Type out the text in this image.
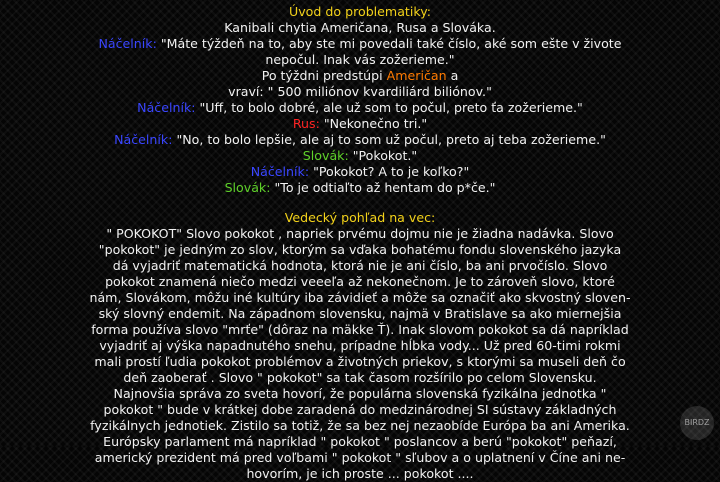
Úvod do problematiky:
Kanibali chytia Američana, Rusa a Slováka.
Náčelník: "Máte týždeň na to, aby ste mi povedali také číslo, aké som ešte v živote
nepočul. Inak vás zožerieme."
Po týždni predstúpi Američan a
vraví: " 500 miliónov kvardiliárd biliónov."
Náčelník: "Uff, to bolo dobré, ale už som to počul, preto ťa zožerieme."
Rus: "Nekonečno tri."
Náčelník: "No, to bolo lepšie, ale aj to som už počul, preto aj teba zožerieme."
Slovák: "Pokokot."
Náčelník: "Pokokot? A to je koľko?"
Slovák: "To je odtiaľto až hentam do p*če."
Vedecký pohľad na vec:
" POKOKOT" Slovo pokokot , napriek prvému dojmu nie je žiadna nadávka. Slovo
"pokokot" je jedným zo slov, ktorým sa vďaka bohatému fondu slovenského jazyka
dá vyjadriť matematická hodnota, ktorá nie je ani číslo, ba ani prvočíslo. Slovo
pokokot znamená niečo medzi veeeľa až nekonečnom. Je to zároveň slovo, ktoré
nám, Slovákom, môžu iné kultúry iba závidieť a môže sa označiť ako skvostný sloven-
ský slovný endemit. Na západnom slovensku, najmä v Bratislave sa ako miernejšia
forma používa slovo "mrťe" (dôraz na mäkke Ť). Inak slovom pokokot sa dá napríklad
vyjadriť aj výška napadnutého snehu, prípadne hĺbka vody... Už pred 60-timi rokmi
mali prostí ľudia pokokot problémov a životných priekov, s ktorými sa museli deň čo
deň zaoberať . Slovo " pokokot" sa tak časom rozšírilo po celom Slovensku.
Najnovšia správa zo sveta hovorí, že populárna slovenská fyzikálna jednotka "
pokokot " bude v krátkej dobe zaradená do medzinárodnej SI sústavy základných
fyzikálnych jednotiek. Zistilo sa totiž, že sa bez nej nezaobíde Európa ba ani Amerika.
Európsky parlament má napríklad " pokokot " poslancov a berú "pokokot" peňazí,
americký prezident má pred voľbami " pokokot " sľubov a o uplatnení v Číne ani ne-
hovorím, je ich proste ... pokokot ....
BIRDZ
